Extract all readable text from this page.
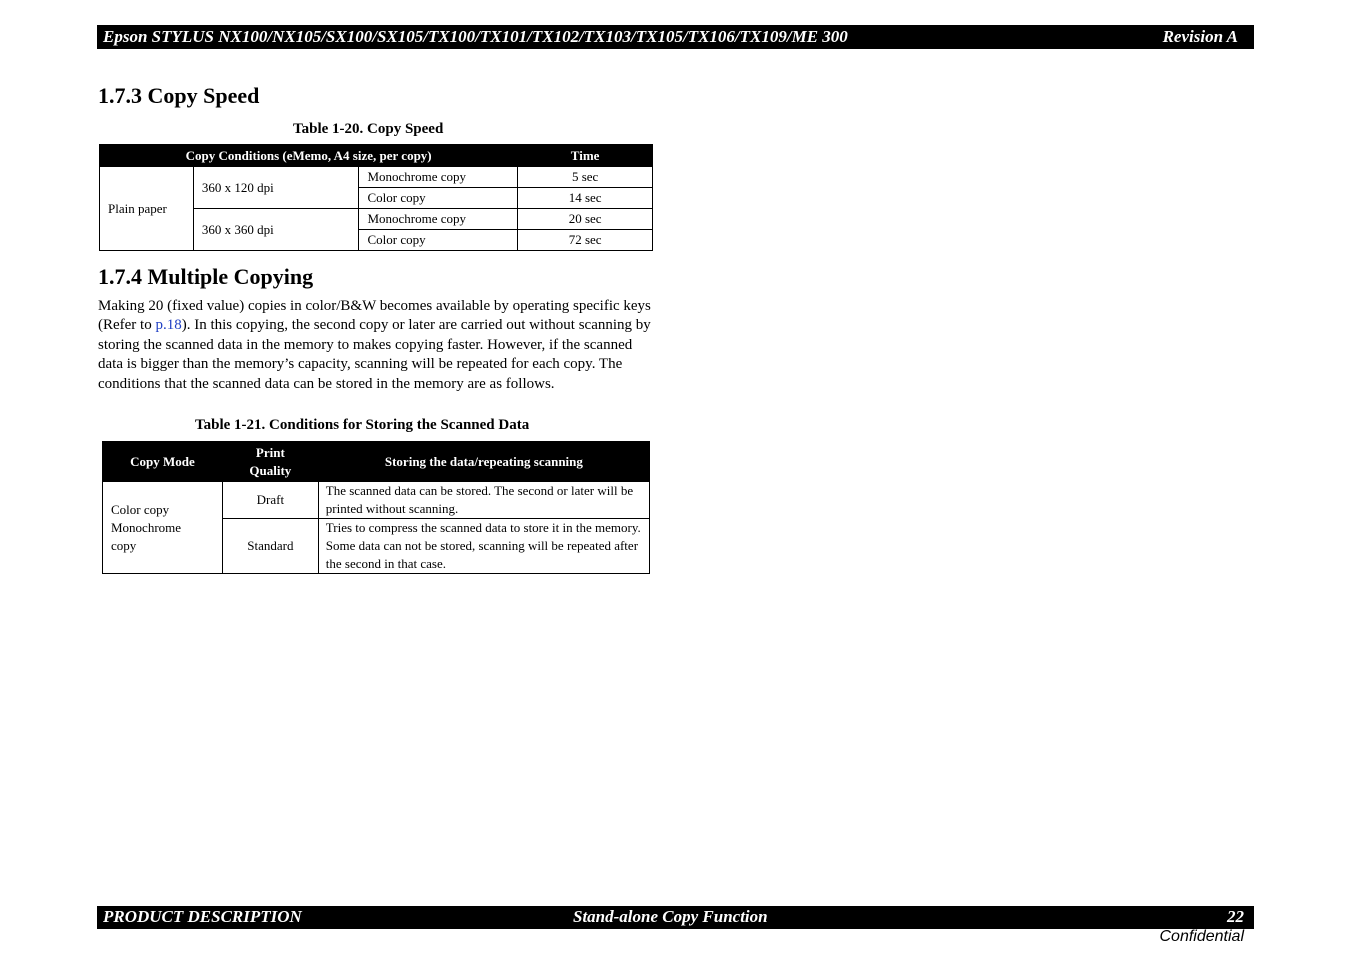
Epson STYLUS NX100/NX105/SX100/SX105/TX100/TX101/TX102/TX103/TX105/TX106/TX109/ME 300	Revision A
1.7.3 Copy Speed
Table 1-20. Copy Speed
Copy Conditions (eMemo, A4 size, per copy)			Time
Plain paper	360 x 120 dpi	Monochrome copy	5 sec
		Color copy	14 sec
	360 x 360 dpi	Monochrome copy	20 sec
		Color copy	72 sec
1.7.4 Multiple Copying
Making 20 (fixed value) copies in color/B&W becomes available by operating specific keys (Refer to p.18). In this copying, the second copy or later are carried out without scanning by storing the scanned data in the memory to makes copying faster. However, if the scanned data is bigger than the memory’s capacity, scanning will be repeated for each copy. The conditions that the scanned data can be stored in the memory are as follows.
Table 1-21. Conditions for Storing the Scanned Data
Copy Mode	Print Quality	Storing the data/repeating scanning

Color copy
Monochrome copy	Draft	The scanned data can be stored. The second or later will be printed without scanning.
	Standard	Tries to compress the scanned data to store it in the memory. Some data can not be stored, scanning will be repeated after the second in that case.
PRODUCT DESCRIPTION	Stand-alone Copy Function	22
Confidential
